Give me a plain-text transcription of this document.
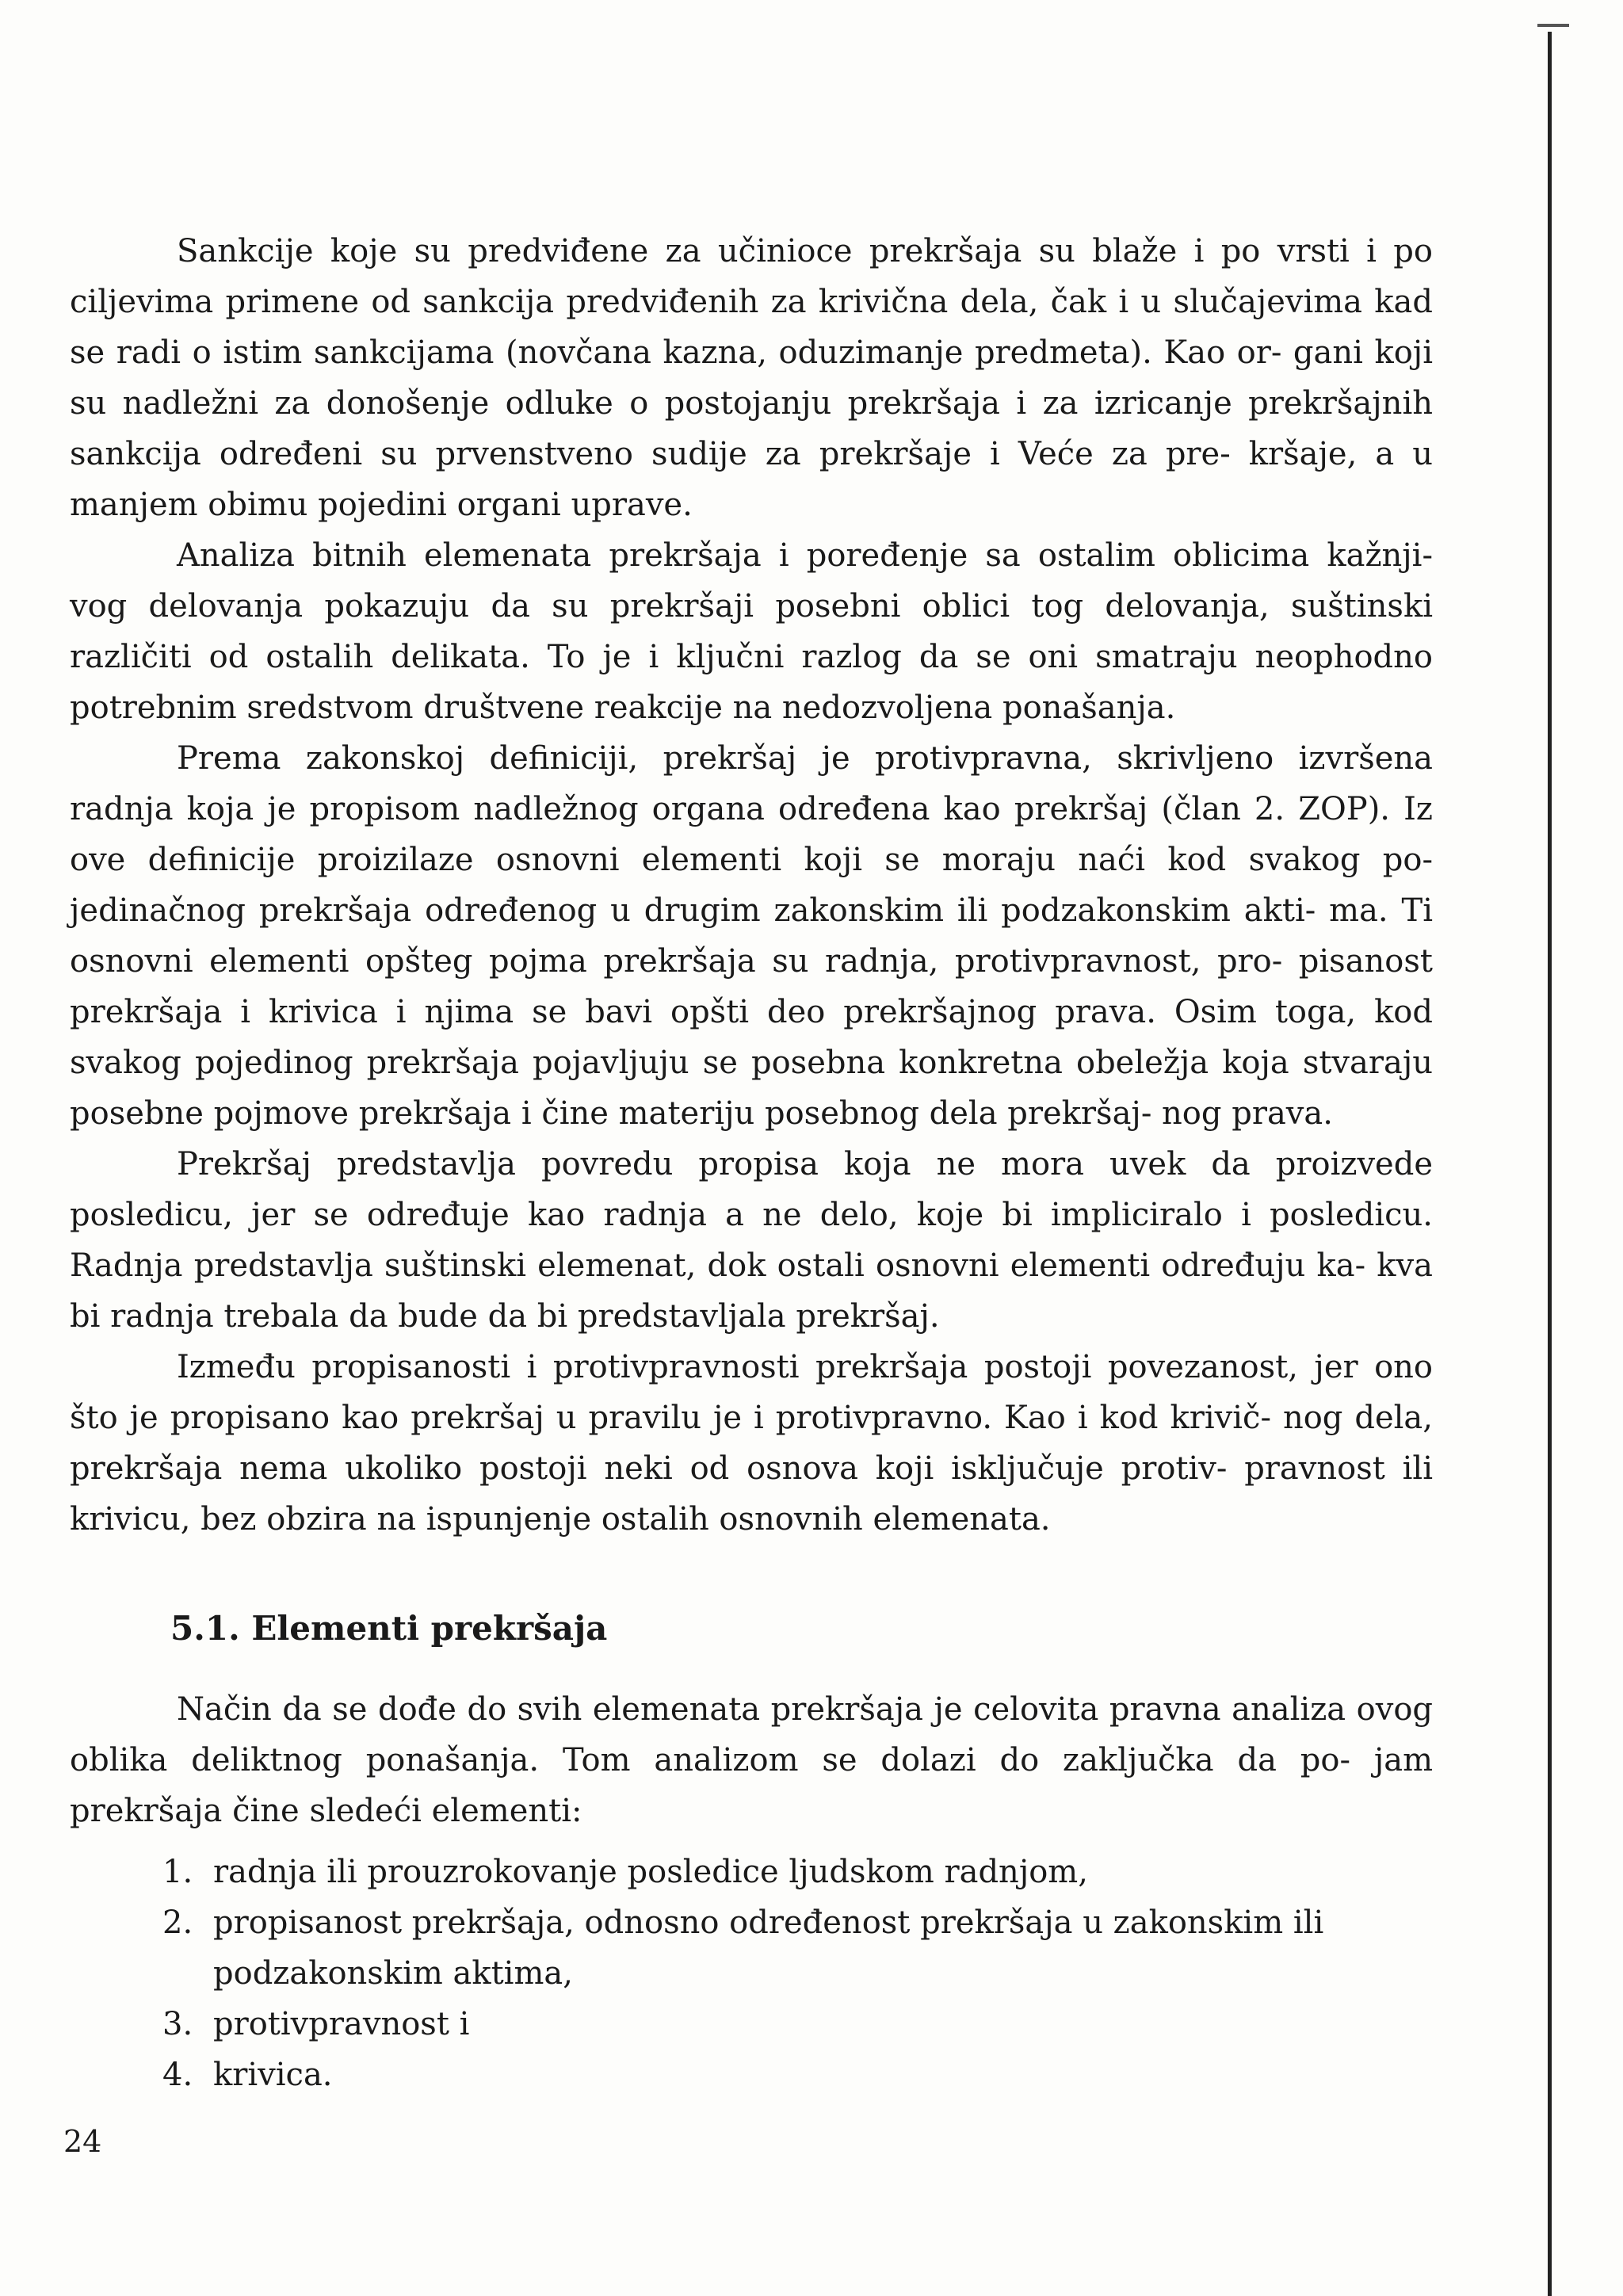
Sankcije koje su predviđene za učinioce prekršaja su blaže i po vrsti i po ciljevima primene od sankcija predviđenih za krivična dela, čak i u slučajevima kad se radi o istim sankcijama (novčana kazna, oduzimanje predmeta). Kao or- gani koji su nadležni za donošenje odluke o postojanju prekršaja i za izricanje prekršajnih sankcija određeni su prvenstveno sudije za prekršaje i Veće za pre- kršaje, a u manjem obimu pojedini organi uprave.

Analiza bitnih elemenata prekršaja i poređenje sa ostalim oblicima kažnji- vog delovanja pokazuju da su prekršaji posebni oblici tog delovanja, suštinski različiti od ostalih delikata. To je i ključni razlog da se oni smatraju neophodno potrebnim sredstvom društvene reakcije na nedozvoljena ponašanja.

Prema zakonskoj definiciji, prekršaj je protivpravna, skrivljeno izvršena radnja koja je propisom nadležnog organa određena kao prekršaj (član 2. ZOP). Iz ove definicije proizilaze osnovni elementi koji se moraju naći kod svakog po- jedinačnog prekršaja određenog u drugim zakonskim ili podzakonskim akti- ma. Ti osnovni elementi opšteg pojma prekršaja su radnja, protivpravnost, pro- pisanost prekršaja i krivica i njima se bavi opšti deo prekršajnog prava. Osim toga, kod svakog pojedinog prekršaja pojavljuju se posebna konkretna obeležja koja stvaraju posebne pojmove prekršaja i čine materiju posebnog dela prekršaj- nog prava.

Prekršaj predstavlja povredu propisa koja ne mora uvek da proizvede posledicu, jer se određuje kao radnja a ne delo, koje bi impliciralo i posledicu. Radnja predstavlja suštinski elemenat, dok ostali osnovni elementi određuju ka- kva bi radnja trebala da bude da bi predstavljala prekršaj.

Između propisanosti i protivpravnosti prekršaja postoji povezanost, jer ono što je propisano kao prekršaj u pravilu je i protivpravno. Kao i kod krivič- nog dela, prekršaja nema ukoliko postoji neki od osnova koji isključuje protiv- pravnost ili krivicu, bez obzira na ispunjenje ostalih osnovnih elemenata.

5.1. Elementi prekršaja

Način da se dođe do svih elemenata prekršaja je celovita pravna analiza ovog oblika deliktnog ponašanja. Tom analizom se dolazi do zaključka da po- jam prekršaja čine sledeći elementi:

1. radnja ili prouzrokovanje posledice ljudskom radnjom,
2. propisanost prekršaja, odnosno određenost prekršaja u zakonskim ili podzakonskim aktima,
3. protivpravnost i
4. krivica.
24
